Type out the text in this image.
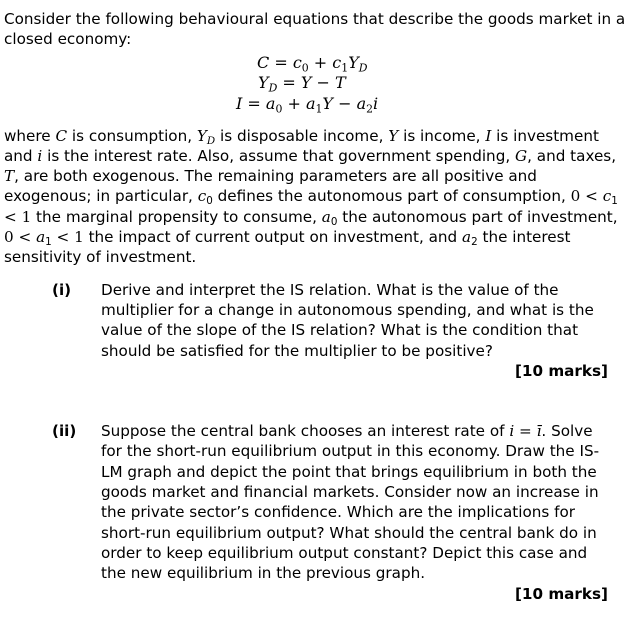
Consider the following behavioural equations that describe the goods market in a closed economy:

$C = c_0 + c_1Y_D$
$Y_D = Y - T$
$I = a_0 + a_1Y - a_2i$

where C is consumption, $Y_D$ is disposable income, Y is income, I is investment and i is the interest rate. Also, assume that government spending, G, and taxes, T, are both exogenous. The remaining parameters are all positive and exogenous; in particular, $c_0$ defines the autonomous part of consumption, $0 < c_1 < 1$ the marginal propensity to consume, $a_0$ the autonomous part of investment, $0 < a_1 < 1$ the impact of current output on investment, and $a_2$ the interest sensitivity of investment.

(i) Derive and interpret the IS relation. What is the value of the multiplier for a change in autonomous spending, and what is the value of the slope of the IS relation? What is the condition that should be satisfied for the multiplier to be positive?

[10 marks]
(ii) Suppose the central bank chooses an interest rate of i = ī. Solve for the short-run equilibrium output in this economy. Draw the IS-LM graph and depict the point that brings equilibrium in both the goods market and financial markets. Consider now an increase in the private sector’s confidence. Which are the implications for short-run equilibrium output? What should the central bank do in order to keep equilibrium output constant? Depict this case and the new equilibrium in the previous graph.

[10 marks]
